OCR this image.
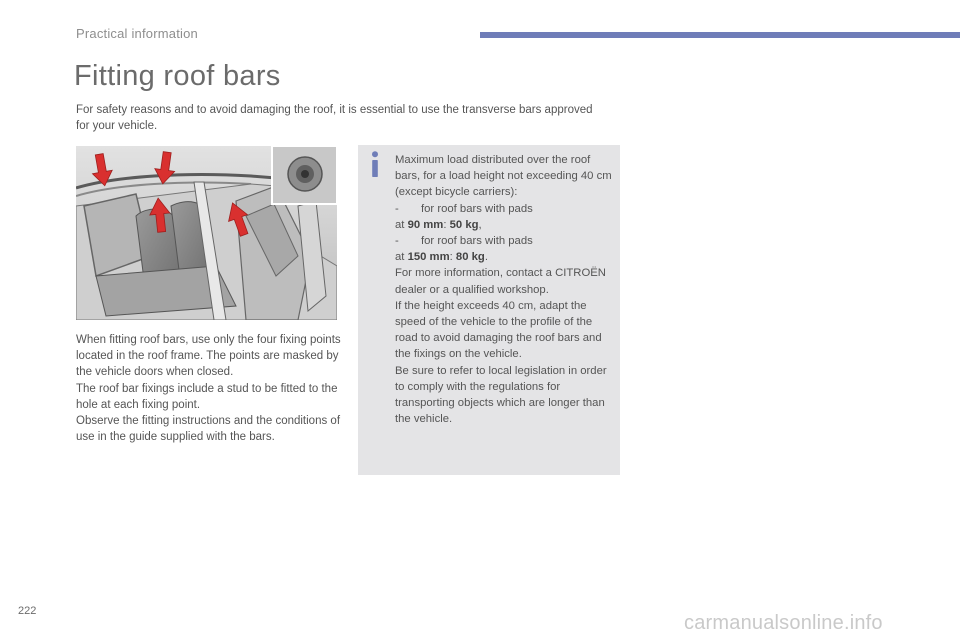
Practical information
Fitting roof bars
For safety reasons and to avoid damaging the roof, it is essential to use the transverse bars approved for your vehicle.

When fitting roof bars, use only the four fixing points located in the roof frame. The points are masked by the vehicle doors when closed.

The roof bar fixings include a stud to be fitted to the hole at each fixing point.

Observe the fitting instructions and the conditions of use in the guide supplied with the bars.

Maximum load distributed over the roof bars, for a load height not exceeding 40 cm (except bicycle carriers):

-	for roof bars with pads
at 90 mm: 50 kg,
-	for roof bars with pads
at 150 mm: 80 kg.

For more information, contact a CITROËN dealer or a qualified workshop.

If the height exceeds 40 cm, adapt the speed of the vehicle to the profile of the road to avoid damaging the roof bars and the fixings on the vehicle.

Be sure to refer to local legislation in order to comply with the regulations for transporting objects which are longer than the vehicle.

222
carmanualsonline.info
